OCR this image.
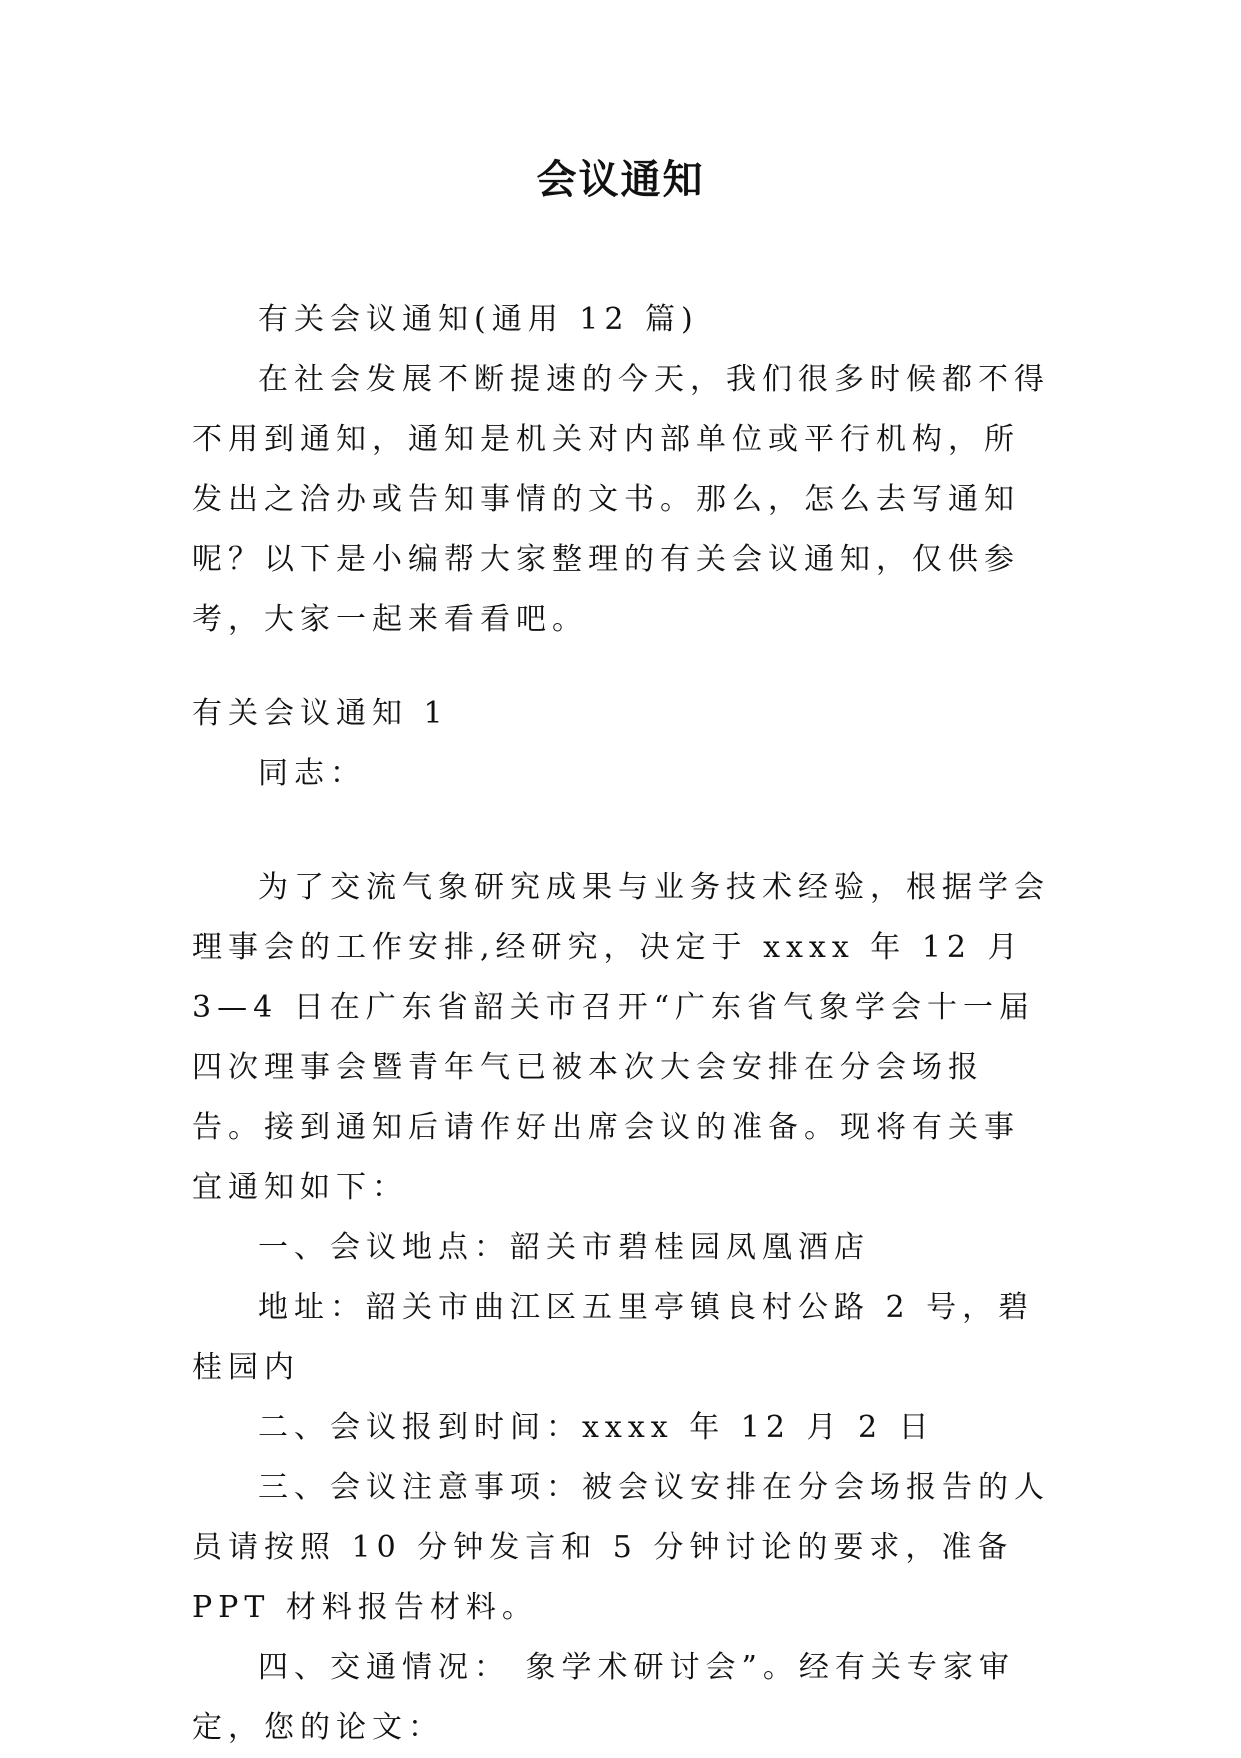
会议通知

有关会议通知(通用 12 篇)

在社会发展不断提速的今天，我们很多时候都不得不用到通知，通知是机关对内部单位或平行机构，所发出之洽办或告知事情的文书。那么，怎么去写通知呢？以下是小编帮大家整理的有关会议通知，仅供参考，大家一起来看看吧。

有关会议通知 1

同志：

为了交流气象研究成果与业务技术经验，根据学会理事会的工作安排,经研究，决定于 xxxx 年 12 月 3—4 日在广东省韶关市召开“广东省气象学会十一届四次理事会暨青年气已被本次大会安排在分会场报告。接到通知后请作好出席会议的准备。现将有关事宜通知如下：

一、会议地点：韶关市碧桂园凤凰酒店

地址：韶关市曲江区五里亭镇良村公路 2 号，碧桂园内

二、会议报到时间：xxxx 年 12 月 2 日

三、会议注意事项：被会议安排在分会场报告的人员请按照 10 分钟发言和 5 分钟讨论的要求，准备 PPT 材料报告材料。

四、交通情况： 象学术研讨会”。经有关专家审定，您的论文：
